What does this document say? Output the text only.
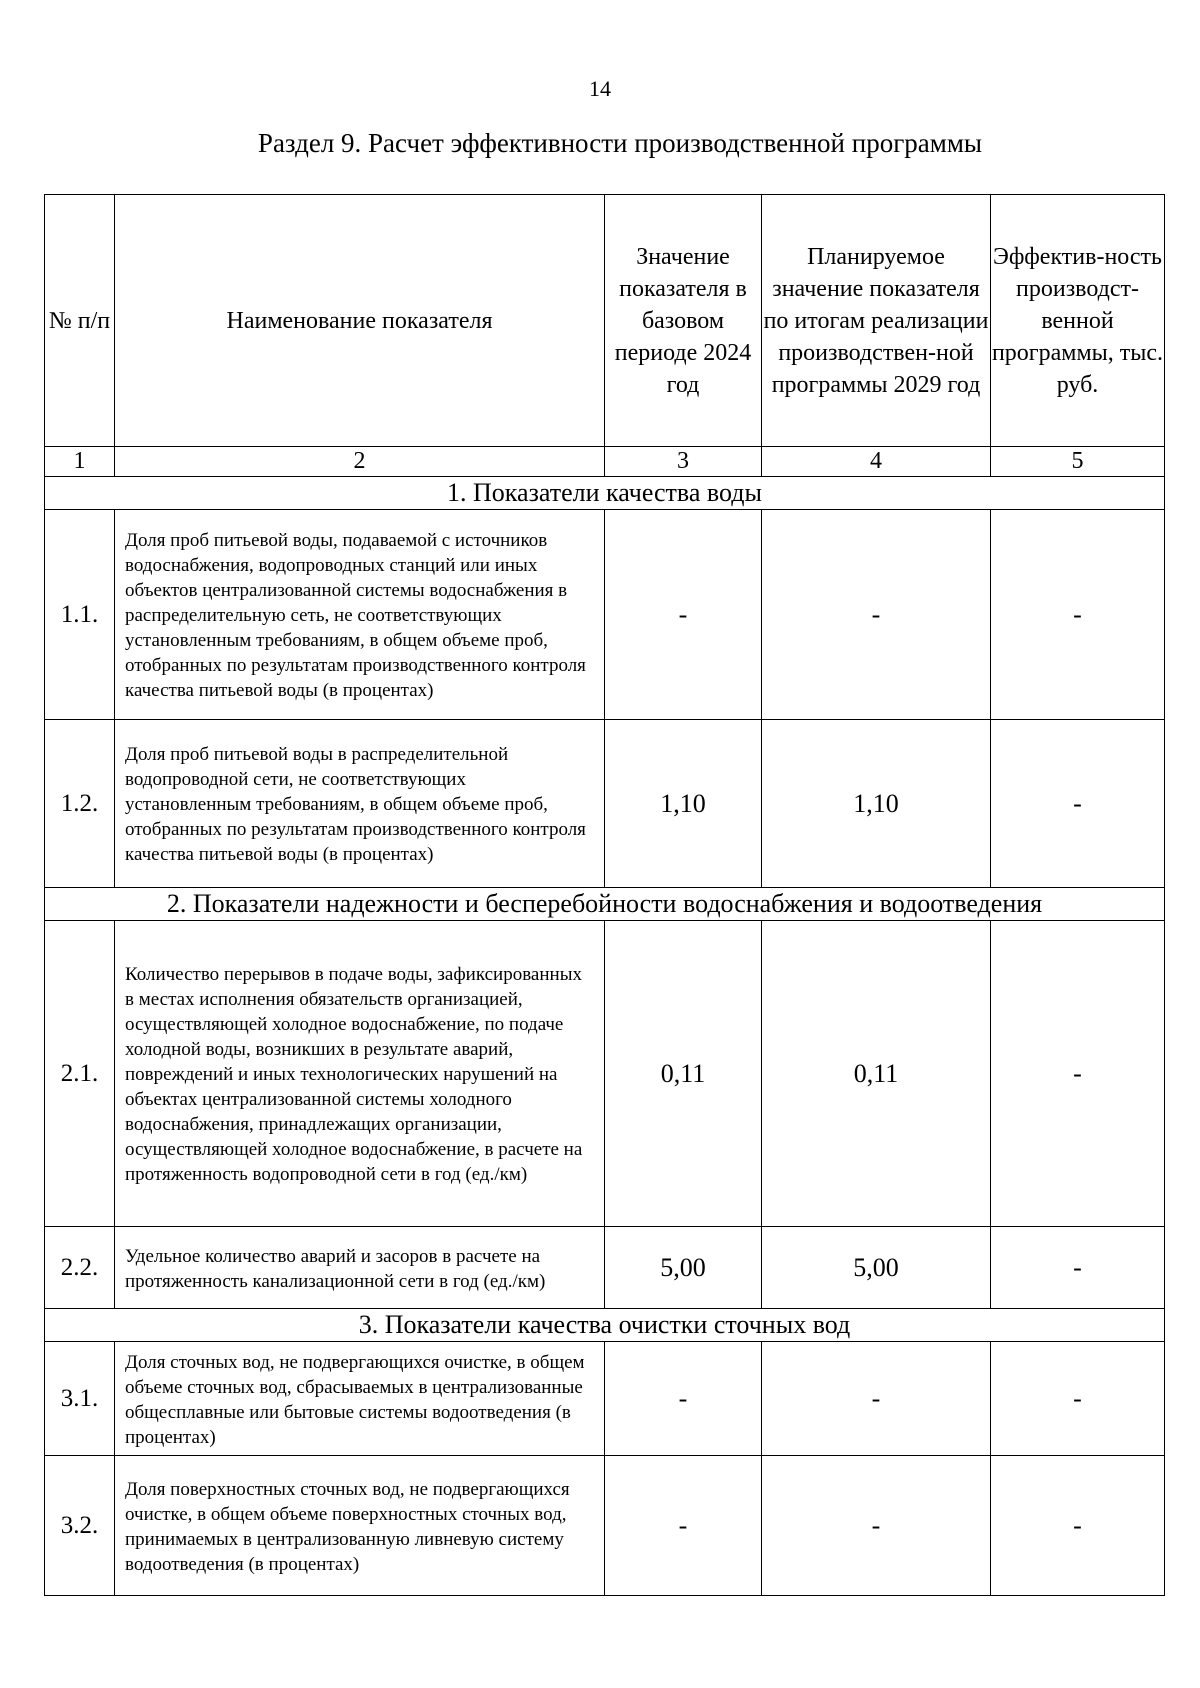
14
Раздел 9. Расчет эффективности производственной программы
№ п/п	Наименование показателя	Значение показателя в базовом периоде 2024 год	Планируемое значение показателя по итогам реализации производствен-ной программы 2029 год	Эффектив-ность производст-венной программы, тыс. руб.
1	2	3	4	5
1. Показатели качества воды				
1.1.	Доля проб питьевой воды, подаваемой с источников водоснабжения, водопроводных станций или иных объектов централизованной системы водоснабжения в распределительную сеть, не соответствующих установленным требованиям, в общем объеме проб, отобранных по результатам производственного контроля качества питьевой воды (в процентах)	-	-	-
1.2.	Доля проб питьевой воды в распределительной водопроводной сети, не соответствующих установленным требованиям, в общем объеме проб, отобранных по результатам производственного контроля качества питьевой воды (в процентах)	1,10	1,10	-
2. Показатели надежности и бесперебойности водоснабжения и водоотведения				
2.1.	Количество перерывов в подаче воды, зафиксированных в местах исполнения обязательств организацией, осуществляющей холодное водоснабжение, по подаче холодной воды, возникших в результате аварий, повреждений и иных технологических нарушений на объектах централизованной системы холодного водоснабжения, принадлежащих организации, осуществляющей холодное водоснабжение, в расчете на протяженность водопроводной сети в год (ед./км)	0,11	0,11	-
2.2.	Удельное количество аварий и засоров в расчете на протяженность канализационной сети в год (ед./км)	5,00	5,00	-
3. Показатели качества очистки сточных вод				
3.1.	Доля сточных вод, не подвергающихся очистке, в общем объеме сточных вод, сбрасываемых в централизованные общесплавные или бытовые системы водоотведения (в процентах)	-	-	-
3.2.	Доля поверхностных сточных вод, не подвергающихся очистке, в общем объеме поверхностных сточных вод, принимаемых в централизованную ливневую систему водоотведения (в процентах)	-	-	-
